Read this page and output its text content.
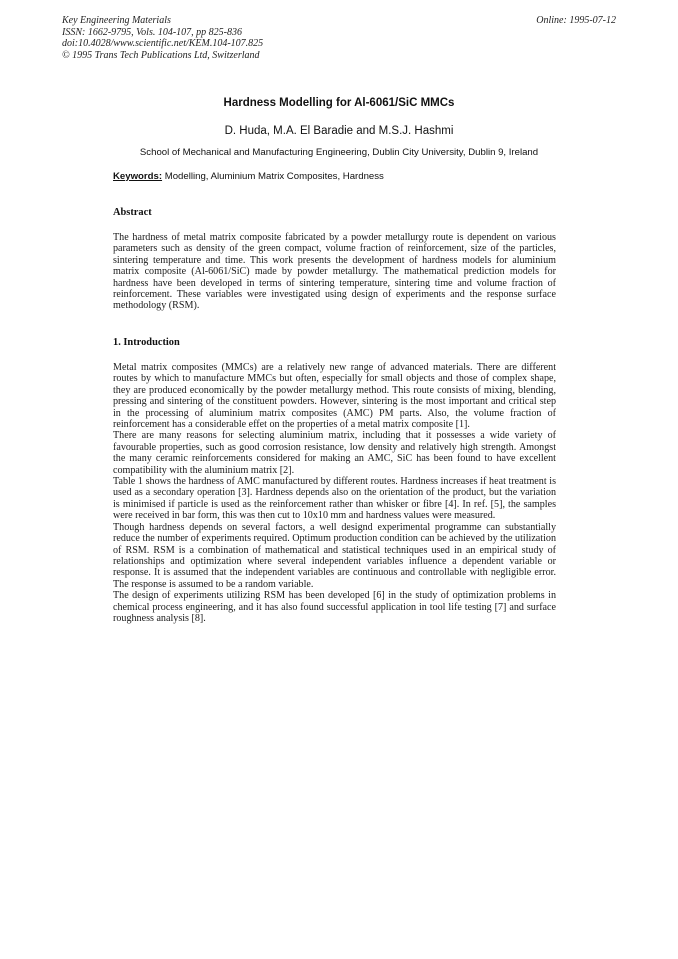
Key Engineering Materials
ISSN: 1662-9795, Vols. 104-107, pp 825-836
doi:10.4028/www.scientific.net/KEM.104-107.825
© 1995 Trans Tech Publications Ltd, Switzerland
Online: 1995-07-12
Hardness Modelling for Al-6061/SiC MMCs
D. Huda, M.A. El Baradie and M.S.J. Hashmi
School of Mechanical and Manufacturing Engineering, Dublin City University, Dublin 9, Ireland
Keywords: Modelling, Aluminium Matrix Composites, Hardness
Abstract

The hardness of metal matrix composite fabricated by a powder metallurgy route is dependent on various parameters such as density of the green compact, volume fraction of reinforcement, size of the particles, sintering temperature and time. This work presents the development of hardness models for aluminium matrix composite (Al-6061/SiC) made by powder metallurgy. The mathematical prediction models for hardness have been developed in terms of sintering temperature, sintering time and volume fraction of reinforcement. These variables were investigated using design of experiments and the response surface methodology (RSM).

1. Introduction

Metal matrix composites (MMCs) are a relatively new range of advanced materials. There are different routes by which to manufacture MMCs but often, especially for small objects and those of complex shape, they are produced economically by the powder metallurgy method. This route consists of mixing, blending, pressing and sintering of the constituent powders. However, sintering is the most important and critical step in the processing of aluminium matrix composites (AMC) PM parts. Also, the volume fraction of reinforcement has a considerable effet on the properties of a metal matrix composite [1].

There are many reasons for selecting aluminium matrix, including that it possesses a wide variety of favourable properties, such as good corrosion resistance, low density and relatively high strength. Amongst the many ceramic reinforcements considered for making an AMC, SiC has been found to have excellent compatibility with the aluminium matrix [2].

Table 1 shows the hardness of AMC manufactured by different routes. Hardness increases if heat treatment is used as a secondary operation [3]. Hardness depends also on the orientation of the product, but the variation is minimised if particle is used as the reinforcement rather than whisker or fibre [4]. In ref. [5], the samples were received in bar form, this was then cut to 10x10 mm and hardness values were measured.

Though hardness depends on several factors, a well designd experimental programme can substantially reduce the number of experiments required. Optimum production condition can be achieved by the utilization of RSM. RSM is a combination of mathematical and statistical techniques used in an empirical study of relationships and optimization where several independent variables influence a dependent variable or response. It is assumed that the independent variables are continuous and controllable with negligible error. The response is assumed to be a random variable.

The design of experiments utilizing RSM has been developed [6] in the study of optimization problems in chemical process engineering, and it has also found successful application in tool life testing [7] and surface roughness analysis [8].
